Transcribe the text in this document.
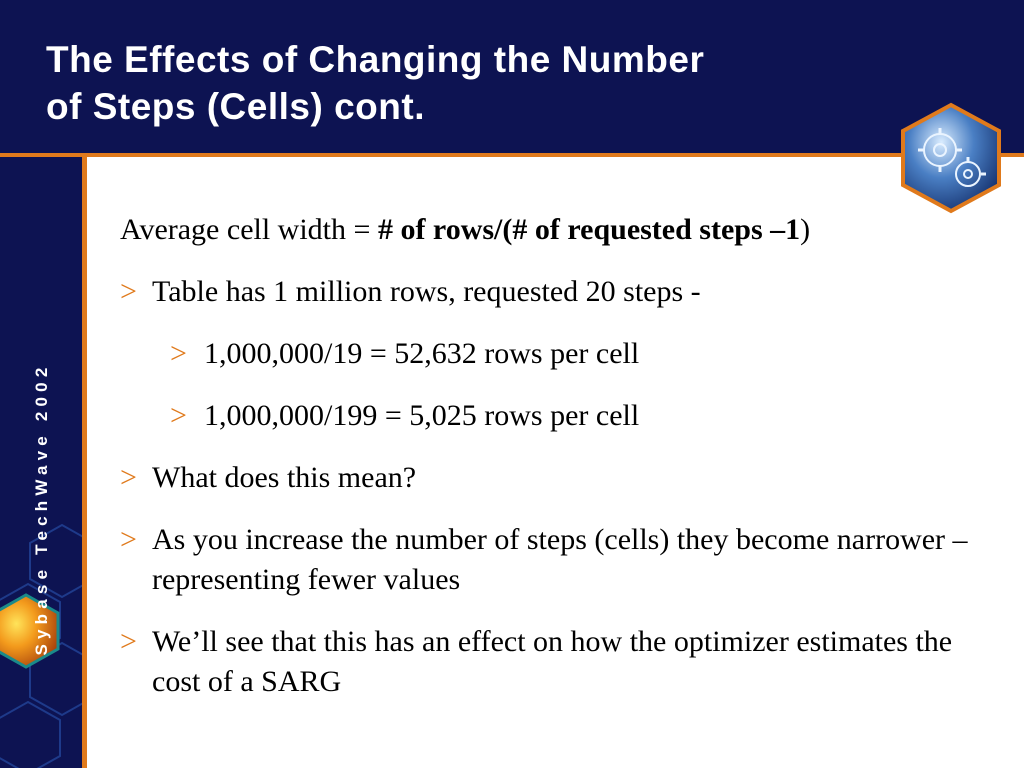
The Effects of Changing the Number
of Steps (Cells) cont.
Sybase TechWave 2002
Average cell width = # of rows/(# of requested steps –1)
> Table has 1 million rows, requested 20 steps -
> 1,000,000/19 = 52,632 rows per cell
> 1,000,000/199 = 5,025 rows per cell
> What does this mean?
> As you increase the number of steps (cells) they become narrower – representing fewer values
> We’ll see that this has an effect on how the optimizer estimates the cost of a SARG
